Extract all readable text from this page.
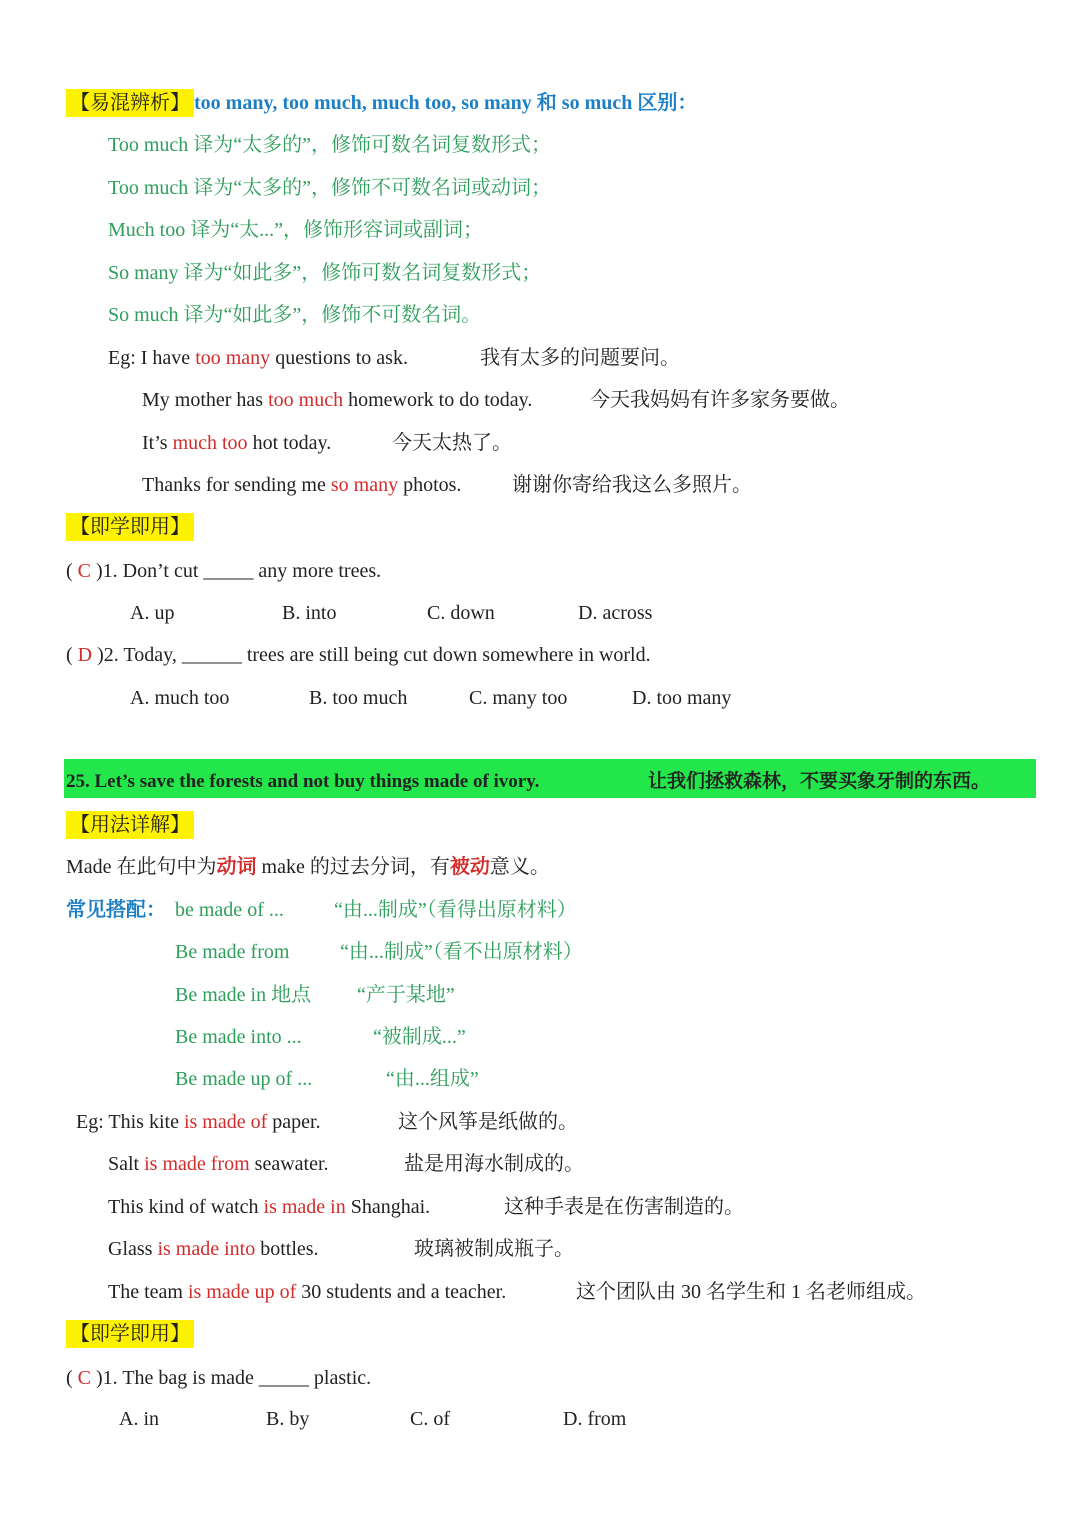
【易混辨析】 too many, too much, much too, so many 和 so much 区别：
Too much 译为“太多的”，修饰可数名词复数形式；
Too much 译为“太多的”，修饰不可数名词或动词；
Much too 译为“太...”，修饰形容词或副词；
So many 译为“如此多”，修饰可数名词复数形式；
So much 译为“如此多”，修饰不可数名词。
Eg: I have too many questions to ask.	我有太多的问题要问。
My mother has too much homework to do today.	今天我妈妈有许多家务要做。
It’s much too hot today.	今天太热了。
Thanks for sending me so many photos.	谢谢你寄给我这么多照片。
【即学即用】
( C )1. Don’t cut _____ any more trees.
A. up	B. into	C. down	D. across
( D )2. Today, ______ trees are still being cut down somewhere in world.
A. much too	B. too much	C. many too	D. too many
25. Let’s save the forests and not buy things made of ivory.	让我们拯救森林，不要买象牙制的东西。
【用法详解】
Made 在此句中为动词 make 的过去分词，有被动意义。
常见搭配： be made of ...	“由...制成”（看得出原材料）
Be made from	“由...制成”（看不出原材料）
Be made in 地点 “产于某地”
Be made into ...	“被制成...”
Be made up of ...	“由...组成”
Eg: This kite is made of paper.	这个风筝是纸做的。
Salt is made from seawater.	盐是用海水制成的。
This kind of watch is made in Shanghai.	这种手表是在伤害制造的。
Glass is made into bottles.	玻璃被制成瓶子。
The team is made up of 30 students and a teacher.	这个团队由 30 名学生和 1 名老师组成。
【即学即用】
( C )1. The bag is made _____ plastic.
A. in	B. by	C. of	D. from
